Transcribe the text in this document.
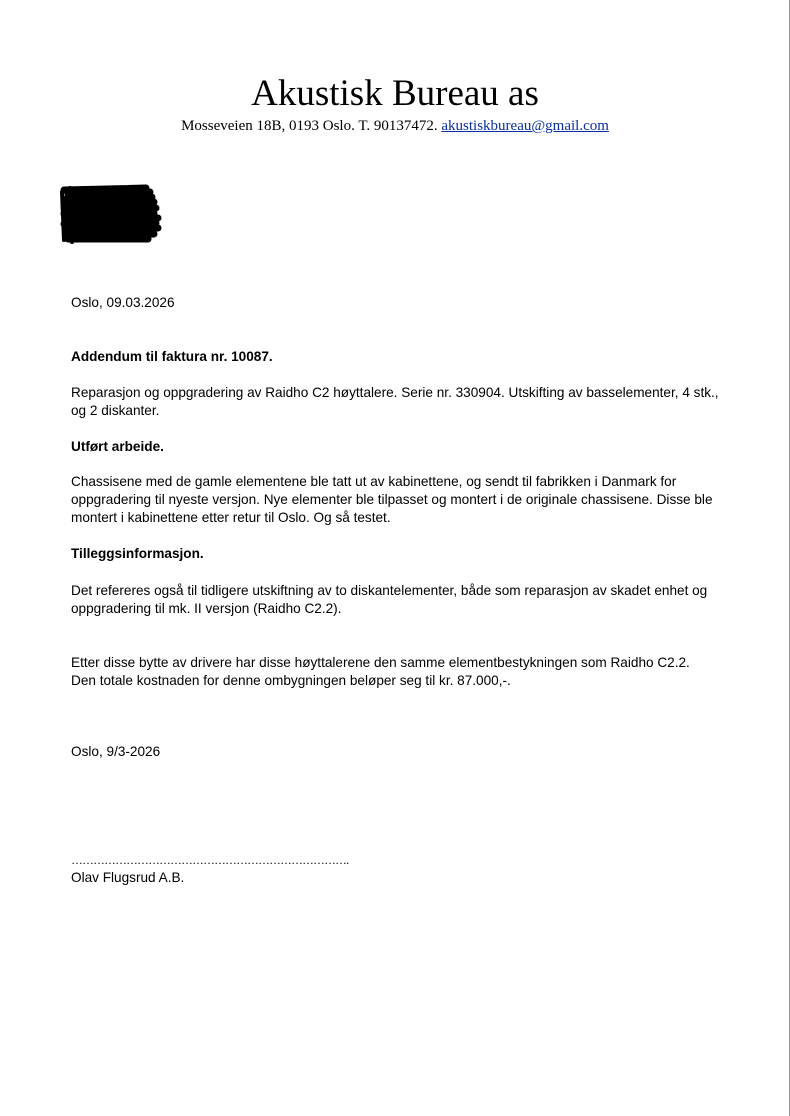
Akustisk Bureau as
Mosseveien 18B, 0193 Oslo. T. 90137472. akustiskbureau@gmail.com
Oslo, 09.03.2026
Addendum til faktura nr. 10087.
Reparasjon og oppgradering av Raidho C2 høyttalere. Serie nr. 330904. Utskifting av basselementer, 4 stk.,
og 2 diskanter.
Utført arbeide.
Chassisene med de gamle elementene ble tatt ut av kabinettene, og sendt til fabrikken i Danmark for
oppgradering til nyeste versjon. Nye elementer ble tilpasset og montert i de originale chassisene. Disse ble
montert i kabinettene etter retur til Oslo. Og så testet.
Tilleggsinformasjon.
Det refereres også til tidligere utskiftning av to diskantelementer, både som reparasjon av skadet enhet og
oppgradering til mk. II versjon (Raidho C2.2).
Etter disse bytte av drivere har disse høyttalerene den samme elementbestykningen som Raidho C2.2.
Den totale kostnaden for denne ombygningen beløper seg til kr. 87.000,-.
Oslo, 9/3-2026
………………………………………………………………….
Olav Flugsrud A.B.
